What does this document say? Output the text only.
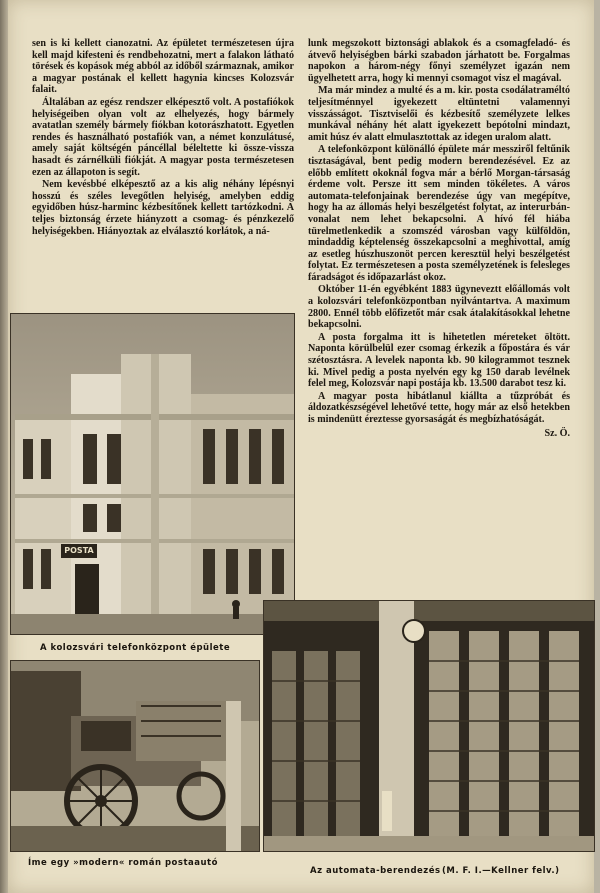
sen is ki kellett cianozatni. Az épületet természetesen újra kell majd kifesteni és rendbehozatni, mert a falakon látható törések és kopások még abból az időből származnak, amikor a magyar postának el kellett hagynia kincses Kolozsvár falait.

Általában az egész rendszer elképesztő volt. A postafiókok helyiségeiben olyan volt az elhelyezés, hogy bármely avatatlan személy bármely fiókban kotorászhatott. Egyetlen rendes és használható postafiók van, a német konzulátusé, amely saját költségén páncéllal béleltette ki össze-vissza hasadt és zárnélküli fiókját. A magyar posta természetesen ezen az állapoton is segít.

Nem kevésbbé elképesztő az a kis alig néhány lépésnyi hosszú és széles levegőtlen helyiség, amelyben eddig egyidőben húsz-harminc kézbesítőnek kellett tartózkodni. A teljes biztonság érzete hiányzott a csomag- és pénzkezelő helyiségekben. Hiányoztak az elválasztó korlátok, a ná-

lunk megszokott biztonsági ablakok és a csomagfeladó- és átvevő helyiségben bárki szabadon járhatott be. Forgalmas napokon a három-négy főnyi személyzet igazán nem ügyelhetett arra, hogy ki mennyi csomagot visz el magával.

Ma már mindez a multé és a m. kir. posta csodálatraméltó teljesítménnyel igyekezett eltüntetni valamennyi visszásságot. Tisztviselői és kézbesítő személyzete lelkes munkával néhány hét alatt igyekezett bepótolni mindazt, amit húsz év alatt elmulasztottak az idegen uralom alatt.

A telefonközpont különálló épülete már messziről feltűnik tisztaságával, bent pedig modern berendezésével. Ez az előbb említett okoknál fogva már a bérlő Morgan-társaság érdeme volt. Persze itt sem minden tökéletes. A város automata-telefonjainak berendezése úgy van megépítve, hogy ha az állomás helyi beszélgetést folytat, az interurbán-vonalat nem lehet bekapcsolni. A hívó fél hiába türelmetlenkedik a szomszéd városban vagy külföldön, mindaddig képtelenség összekapcsolni a meghivottal, amíg az esetleg húszhuszonöt percen keresztül helyi beszélgetést folytat. Ez természetesen a posta személyzetének is felesleges fáradságot és időpazarlást okoz.

Október 11-én egyébként 1883 ügyneveztt előállomás volt a kolozsvári telefonközpontban nyilvántartva. A maximum 2800. Ennél több előfizetőt már csak átalakításokkal lehetne bekapcsolni.

A posta forgalma itt is hihetetlen méreteket öltött. Naponta körülbelül ezer csomag érkezik a főpostára és vár szétosztásra. A levelek naponta kb. 90 kilogrammot tesznek ki. Mivel pedig a posta nyelvén egy kg 150 darab levélnek felel meg, Kolozsvár napi postája kb. 13.500 darabot tesz ki.

A magyar posta hibátlanul kiállta a tűzpróbát és áldozatkészségével lehetővé tette, hogy már az első hetekben is mindenütt éreztesse gyorsaságát és megbízhatóságát.

Sz. Ö.
POSTA
A kolozsvári telefonközpont épülete
Íme egy »modern« román postaautó
Az automata-berendezés (M. F. I.—Kellner felv.)
